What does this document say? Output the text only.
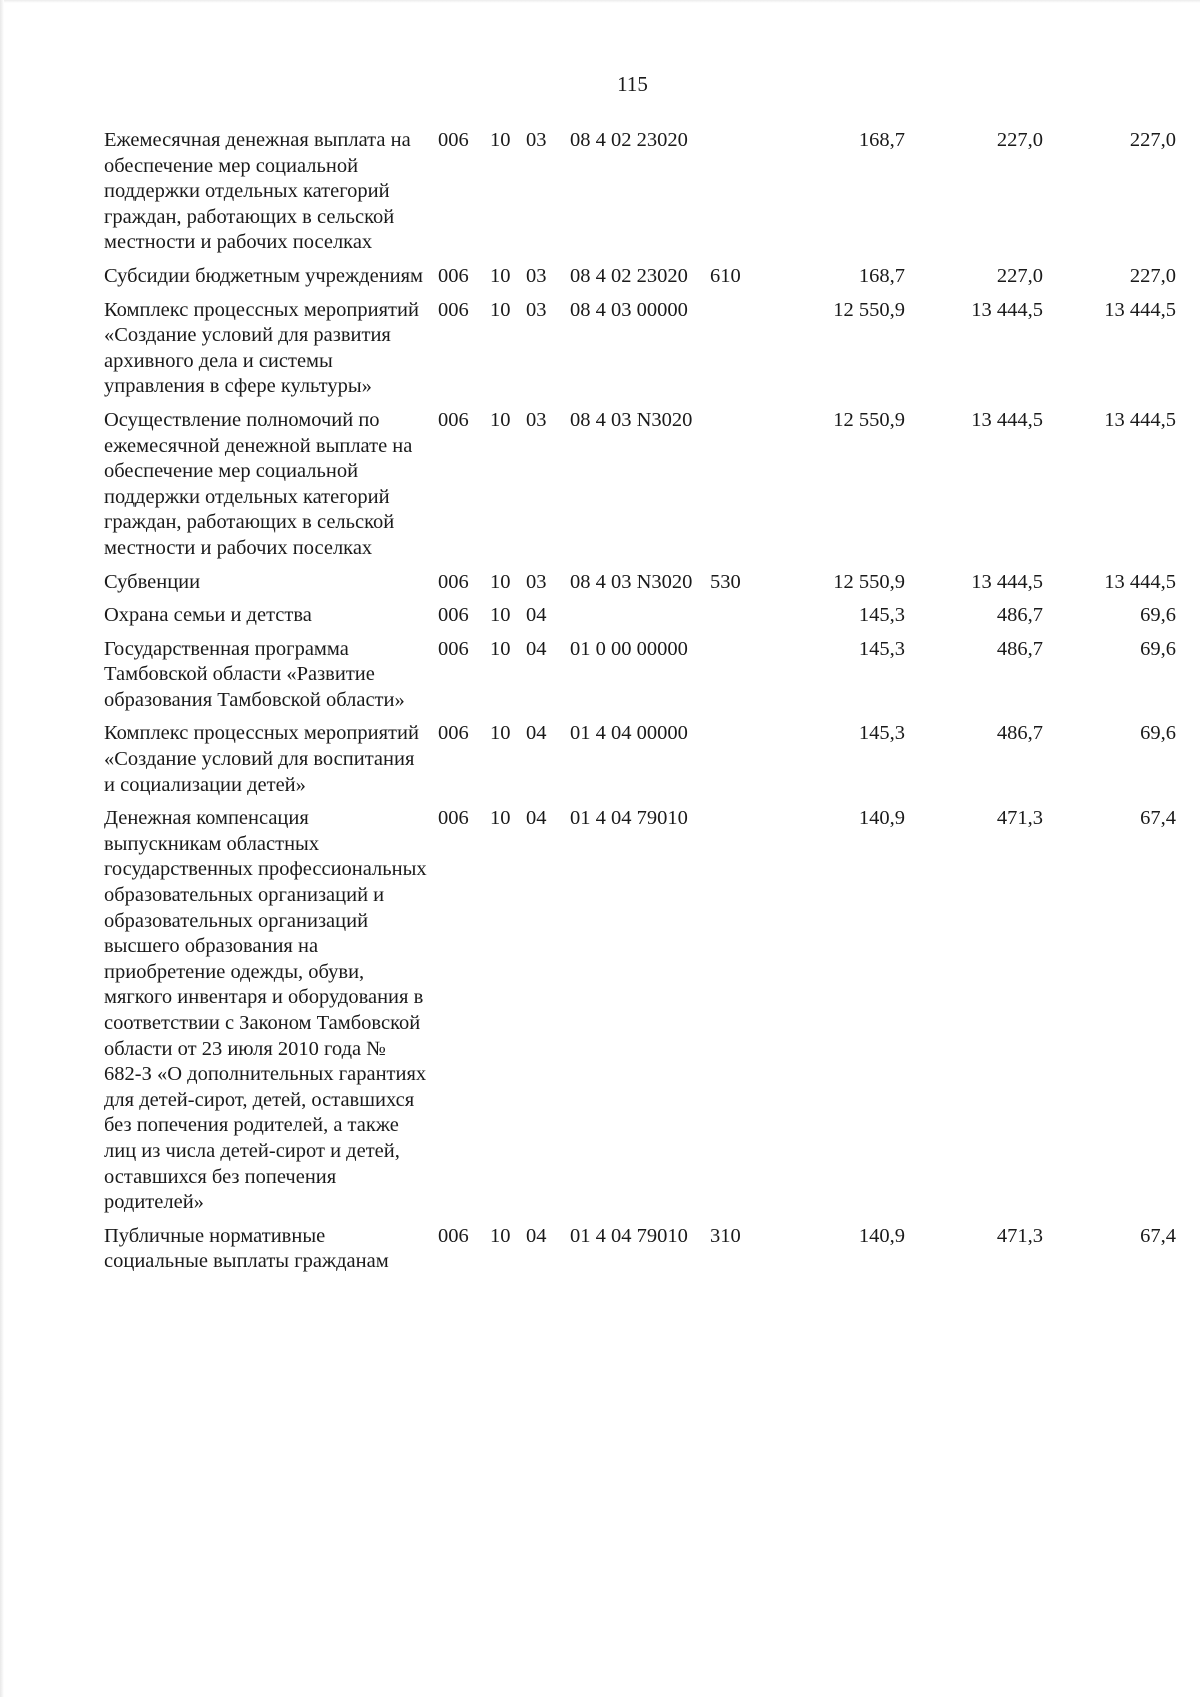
115
Ежемесячная денежная выплата на обеспечение мер социальной поддержки отдельных категорий граждан, работающих в сельской местности и рабочих поселках	006	10	03	08 4 02 23020		168,7	227,0	227,0
Субсидии бюджетным учреждениям	006	10	03	08 4 02 23020	610	168,7	227,0	227,0
Комплекс процессных мероприятий «Создание условий для развития архивного дела и системы управления в сфере культуры»	006	10	03	08 4 03 00000		12 550,9	13 444,5	13 444,5
Осуществление полномочий по ежемесячной денежной выплате на обеспечение мер социальной поддержки отдельных категорий граждан, работающих в сельской местности и рабочих поселках	006	10	03	08 4 03 N3020		12 550,9	13 444,5	13 444,5
Субвенции	006	10	03	08 4 03 N3020	530	12 550,9	13 444,5	13 444,5
Охрана семьи и детства	006	10	04			145,3	486,7	69,6
Государственная программа Тамбовской области «Развитие образования Тамбовской области»	006	10	04	01 0 00 00000		145,3	486,7	69,6
Комплекс процессных мероприятий «Создание условий для воспитания и социализации детей»	006	10	04	01 4 04 00000		145,3	486,7	69,6
Денежная компенсация выпускникам областных государственных профессиональных образовательных организаций и образовательных организаций высшего образования на приобретение одежды, обуви, мягкого инвентаря и оборудования в соответствии с Законом Тамбовской области от 23 июля 2010 года № 682-З «О дополнительных гарантиях для детей-сирот, детей, оставшихся без попечения родителей, а также лиц из числа детей-сирот и детей, оставшихся без попечения родителей»	006	10	04	01 4 04 79010		140,9	471,3	67,4
Публичные нормативные социальные выплаты гражданам	006	10	04	01 4 04 79010	310	140,9	471,3	67,4
